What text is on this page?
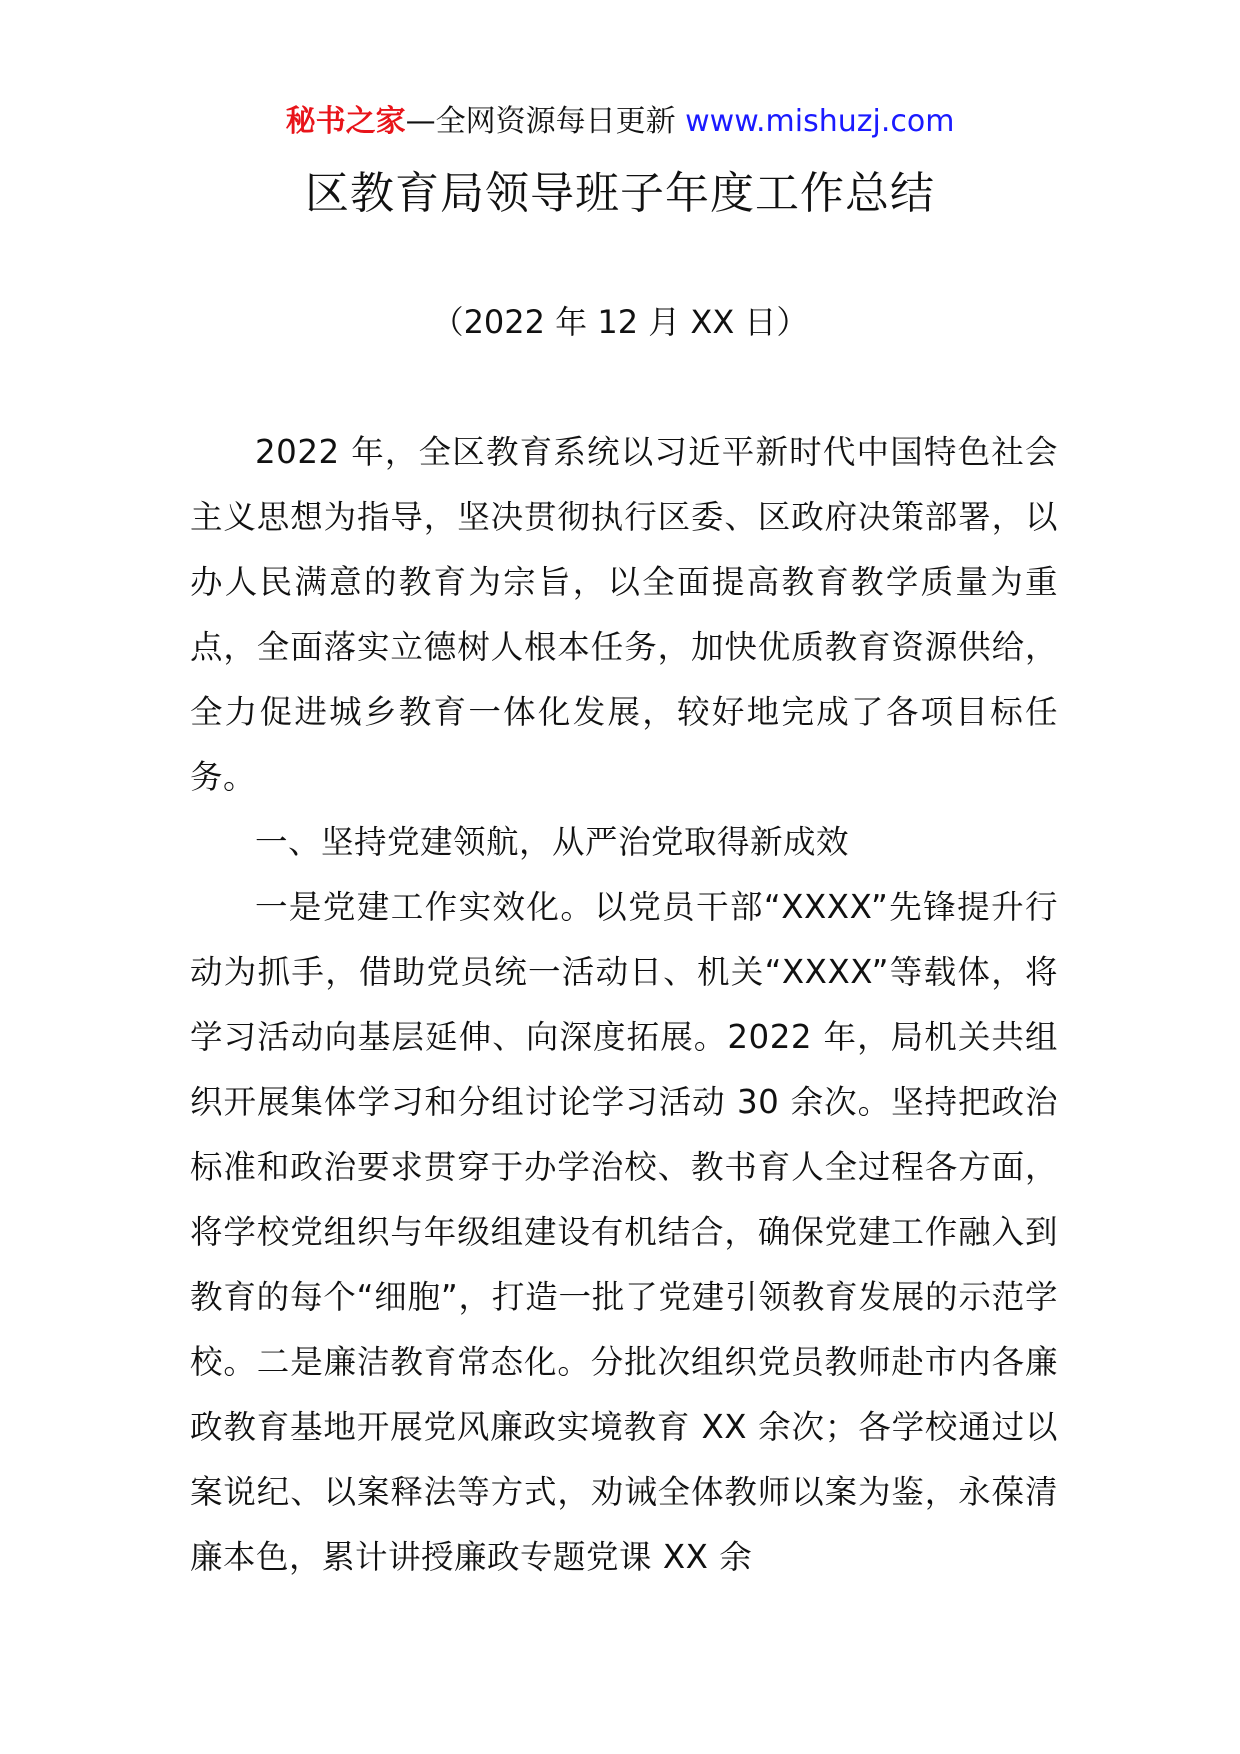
秘书之家—全网资源每日更新 www.mishuzj.com
区教育局领导班子年度工作总结
（2022 年 12 月 XX 日）

2022 年，全区教育系统以习近平新时代中国特色社会主义思想为指导，坚决贯彻执行区委、区政府决策部署，以办人民满意的教育为宗旨，以全面提高教育教学质量为重点，全面落实立德树人根本任务，加快优质教育资源供给，全力促进城乡教育一体化发展，较好地完成了各项目标任务。

一、坚持党建领航，从严治党取得新成效

一是党建工作实效化。以党员干部“XXXX”先锋提升行动为抓手，借助党员统一活动日、机关“XXXX”等载体，将学习活动向基层延伸、向深度拓展。2022 年，局机关共组织开展集体学习和分组讨论学习活动 30 余次。坚持把政治标准和政治要求贯穿于办学治校、教书育人全过程各方面，将学校党组织与年级组建设有机结合，确保党建工作融入到教育的每个“细胞”，打造一批了党建引领教育发展的示范学校。二是廉洁教育常态化。分批次组织党员教师赴市内各廉政教育基地开展党风廉政实境教育 XX 余次；各学校通过以案说纪、以案释法等方式，劝诫全体教师以案为鉴，永葆清廉本色，累计讲授廉政专题党课 XX 余
